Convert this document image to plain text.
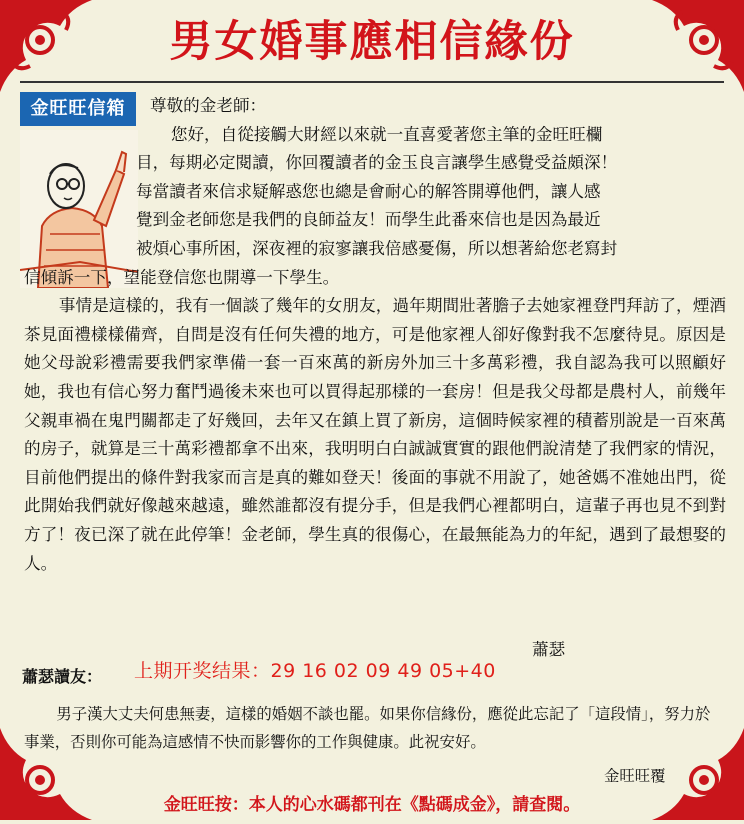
男女婚事應相信緣份
金旺旺信箱	尊敬的金老師：
您好，自從接觸大財經以來就一直喜愛著您主筆的金旺旺欄
目，每期必定閱讀，你回覆讀者的金玉良言讓學生感覺受益頗深！
每當讀者來信求疑解惑您也總是會耐心的解答開導他們，讓人感
覺到金老師您是我們的良師益友！而學生此番來信也是因為最近
被煩心事所困，深夜裡的寂寥讓我倍感憂傷，所以想著給您老寫封
信傾訴一下，望能登信您也開導一下學生。
事情是這樣的，我有一個談了幾年的女朋友，過年期間壯著膽子去她家裡登門拜訪了，煙酒茶見面禮樣樣備齊，自問是沒有任何失禮的地方，可是他家裡人卻好像對我不怎麼待見。原因是她父母說彩禮需要我們家準備一套一百來萬的新房外加三十多萬彩禮，我自認為我可以照顧好她，我也有信心努力奮鬥過後未來也可以買得起那樣的一套房！但是我父母都是農村人，前幾年父親車禍在鬼門關都走了好幾回，去年又在鎮上買了新房，這個時候家裡的積蓄別說是一百來萬的房子，就算是三十萬彩禮都拿不出來，我明明白白誠誠實實的跟他們說清楚了我們家的情況，目前他們提出的條件對我家而言是真的難如登天！後面的事就不用說了，她爸媽不准她出門，從此開始我們就好像越來越遠，雖然誰都沒有提分手，但是我們心裡都明白，這輩子再也見不到對方了！夜已深了就在此停筆！金老師，學生真的很傷心，在最無能為力的年紀，遇到了最想娶的人。
蕭瑟
蕭瑟讀友： 上期开奖结果：29 16 02 09 49 05+40
男子漢大丈夫何患無妻，這樣的婚姻不談也罷。如果你信緣份，應從此忘記了「這段情」，努力於事業，否則你可能為這感情不快而影響你的工作與健康。此祝安好。
金旺旺覆
金旺旺按：本人的心水碼都刊在《點碼成金》，請查閱。
